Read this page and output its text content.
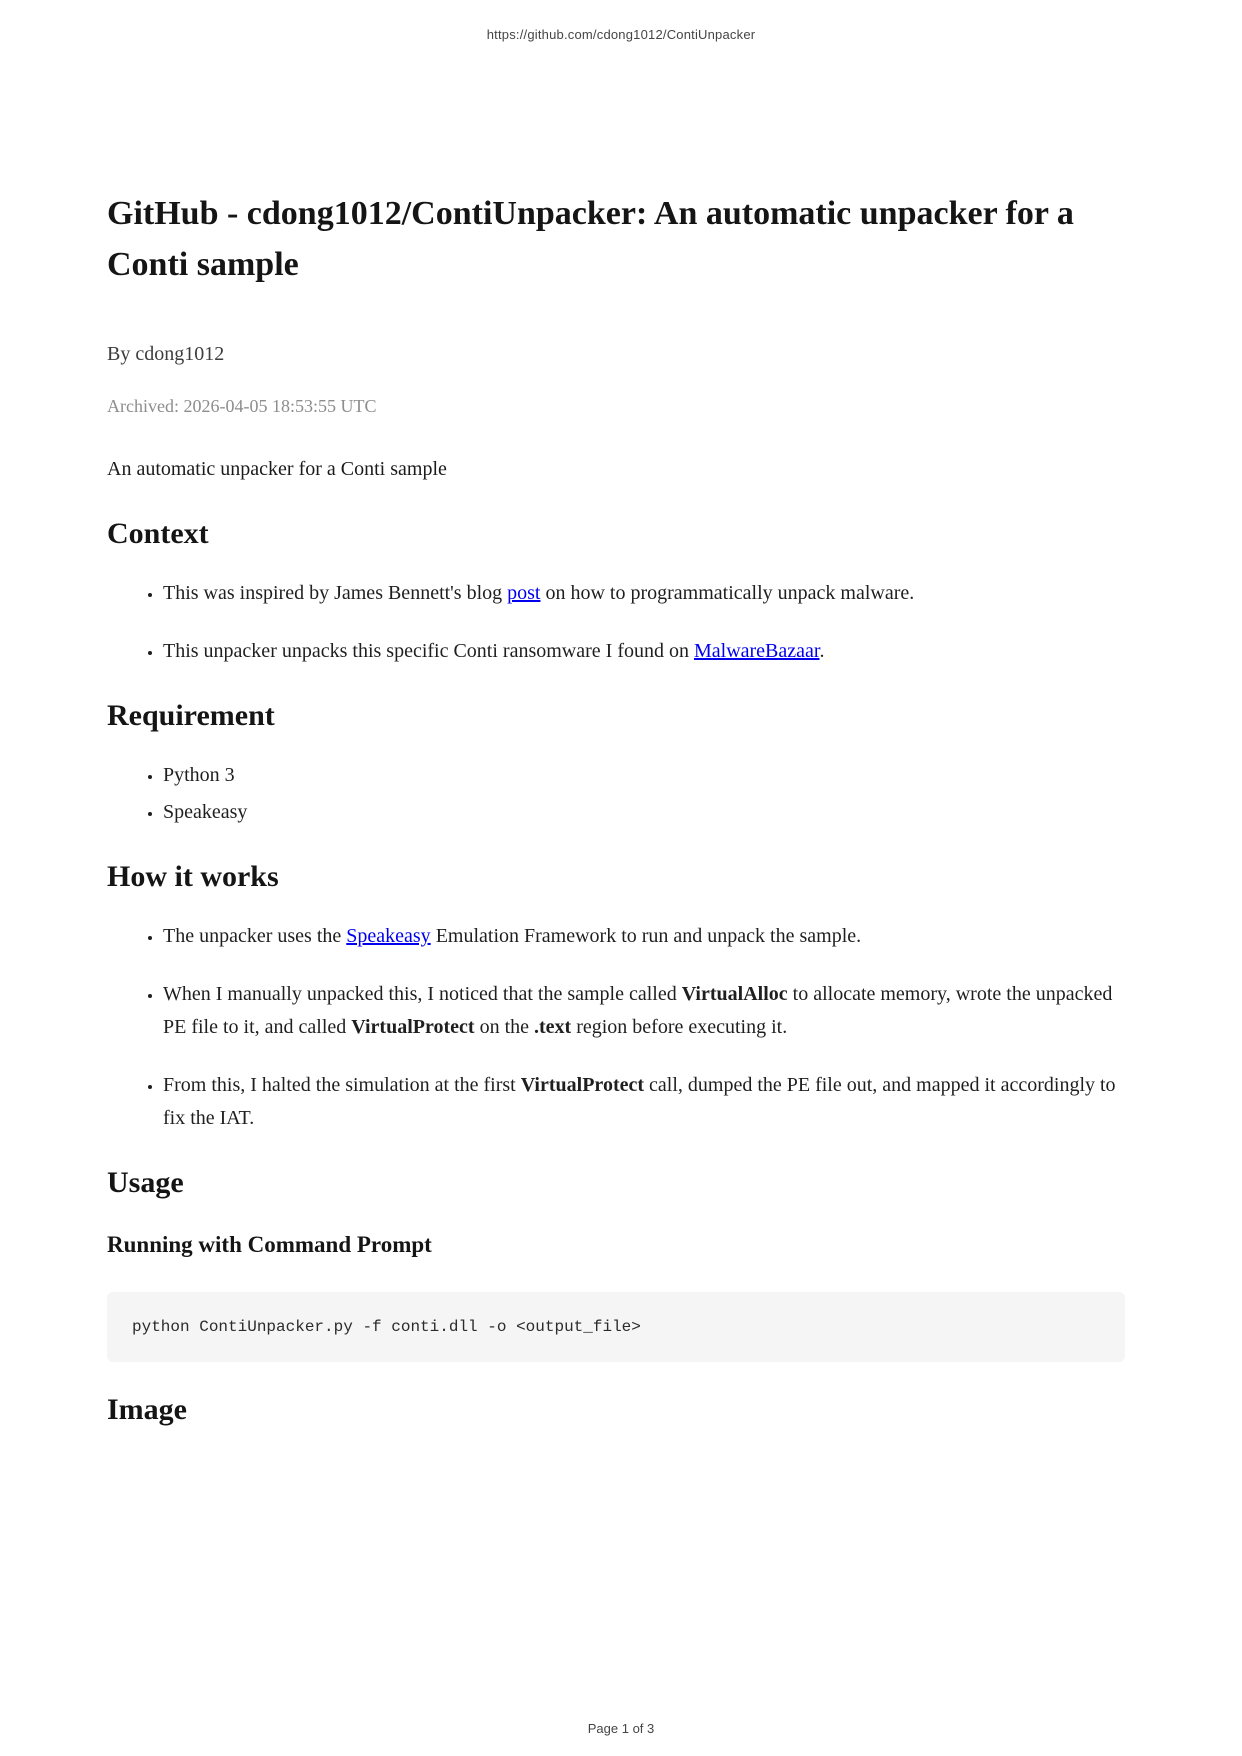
https://github.com/cdong1012/ContiUnpacker
GitHub - cdong1012/ContiUnpacker: An automatic unpacker for a Conti sample

By cdong1012

Archived: 2026-04-05 18:53:55 UTC

An automatic unpacker for a Conti sample

Context
• This was inspired by James Bennett's blog post on how to programmatically unpack malware.
• This unpacker unpacks this specific Conti ransomware I found on MalwareBazaar.
Requirement
• Python 3
• Speakeasy
How it works
• The unpacker uses the Speakeasy Emulation Framework to run and unpack the sample.
• When I manually unpacked this, I noticed that the sample called VirtualAlloc to allocate memory, wrote the unpacked PE file to it, and called VirtualProtect on the .text region before executing it.
• From this, I halted the simulation at the first VirtualProtect call, dumped the PE file out, and mapped it accordingly to fix the IAT.
Usage
Running with Command Prompt
python ContiUnpacker.py -f conti.dll -o <output_file>
Image
Page 1 of 3
